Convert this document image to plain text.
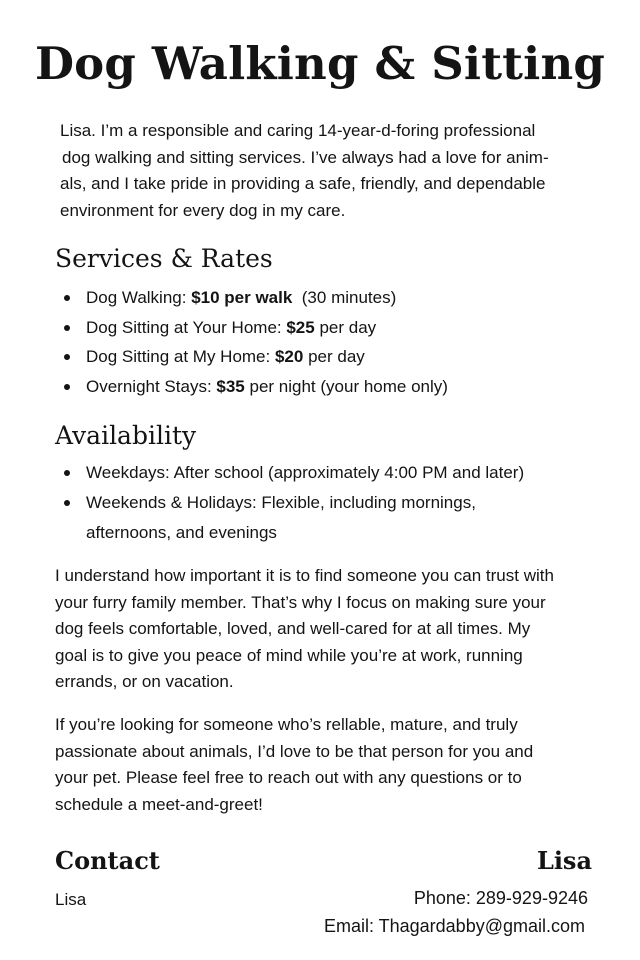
Dog Walking & Sitting

Lisa. I’m a responsible and caring 14-year-d-foring professional
dog walking and sitting services. I’ve always had a love for anim-
als, and I take pride in providing a safe, friendly, and dependable
environment for every dog in my care.

Services & Rates
Dog Walking: $10 per walk  (30 minutes)
Dog Sitting at Your Home: $25 per day
Dog Sitting at My Home: $20 per day
Overnight Stays: $35 per night (your home only)
Availability
Weekdays: After school (approximately 4:00 PM and later)
Weekends & Holidays: Flexible, including mornings,
afternoons, and evenings

I understand how important it is to find someone you can trust with
your furry family member. That’s why I focus on making sure your
dog feels comfortable, loved, and well-cared for at all times. My
goal is to give you peace of mind while you’re at work, running
errands, or on vacation.

If you’re looking for someone who’s rellable, mature, and truly
passionate about animals, I’d love to be that person for you and
your pet. Please feel free to reach out with any questions or to
schedule a meet-and-greet!

Contact
Lisa
Lisa
Phone: 289-929-9246
Email: Thagardabby@gmail.com
